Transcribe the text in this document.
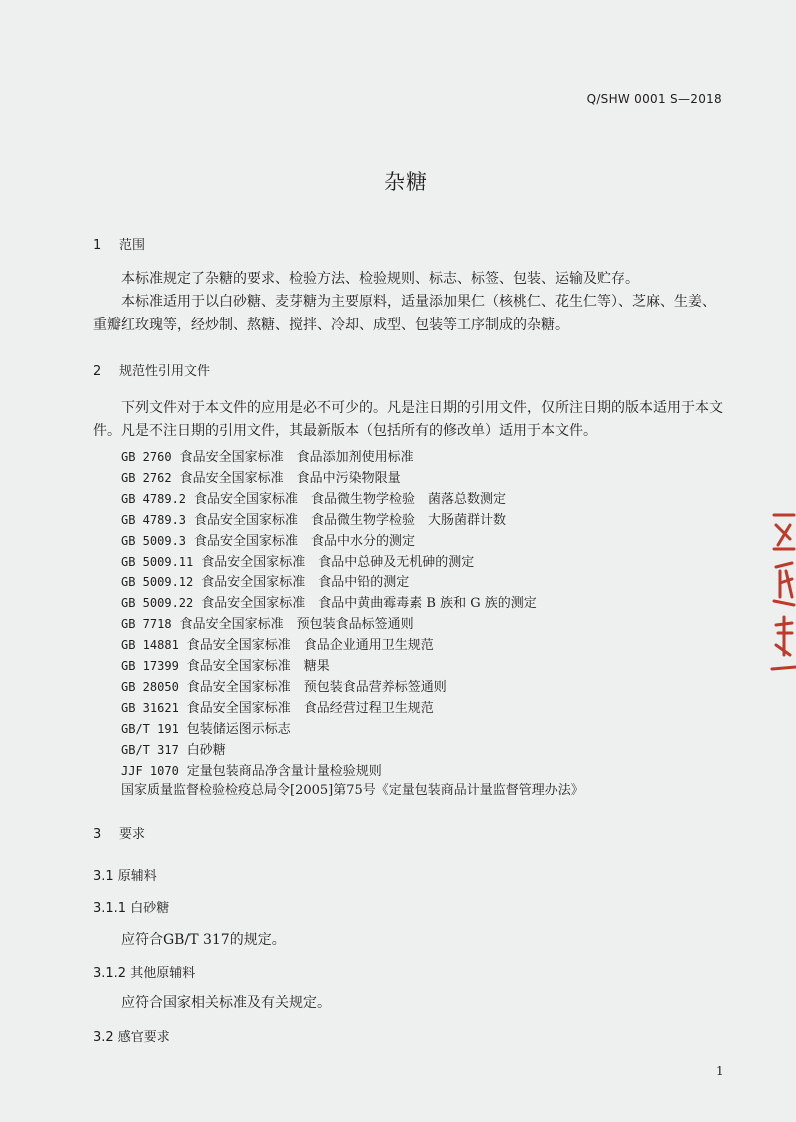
Q/SHW 0001 S—2018
杂糖
1 范围
本标准规定了杂糖的要求、检验方法、检验规则、标志、标签、包装、运输及贮存。
本标准适用于以白砂糖、麦芽糖为主要原料，适量添加果仁（核桃仁、花生仁等）、芝麻、生姜、
重瓣红玫瑰等，经炒制、熬糖、搅拌、冷却、成型、包装等工序制成的杂糖。
2 规范性引用文件
下列文件对于本文件的应用是必不可少的。凡是注日期的引用文件，仅所注日期的版本适用于本文
件。凡是不注日期的引用文件，其最新版本（包括所有的修改单）适用于本文件。
GB 2760 食品安全国家标准　食品添加剂使用标准
GB 2762 食品安全国家标准　食品中污染物限量
GB 4789.2 食品安全国家标准　食品微生物学检验　菌落总数测定
GB 4789.3 食品安全国家标准　食品微生物学检验　大肠菌群计数
GB 5009.3 食品安全国家标准　食品中水分的测定
GB 5009.11 食品安全国家标准　食品中总砷及无机砷的测定
GB 5009.12 食品安全国家标准　食品中铅的测定
GB 5009.22 食品安全国家标准　食品中黄曲霉毒素 B 族和 G 族的测定
GB 7718 食品安全国家标准　预包装食品标签通则
GB 14881 食品安全国家标准　食品企业通用卫生规范
GB 17399 食品安全国家标准　糖果
GB 28050 食品安全国家标准　预包装食品营养标签通则
GB 31621 食品安全国家标准　食品经营过程卫生规范
GB/T 191 包装储运图示标志
GB/T 317 白砂糖
JJF 1070 定量包装商品净含量计量检验规则
国家质量监督检验检疫总局令[2005]第75号《定量包装商品计量监督管理办法》
3 要求
3.1 原辅料
3.1.1 白砂糖
应符合GB/T 317的规定。
3.1.2 其他原辅料
应符合国家相关标准及有关规定。
3.2 感官要求
1
